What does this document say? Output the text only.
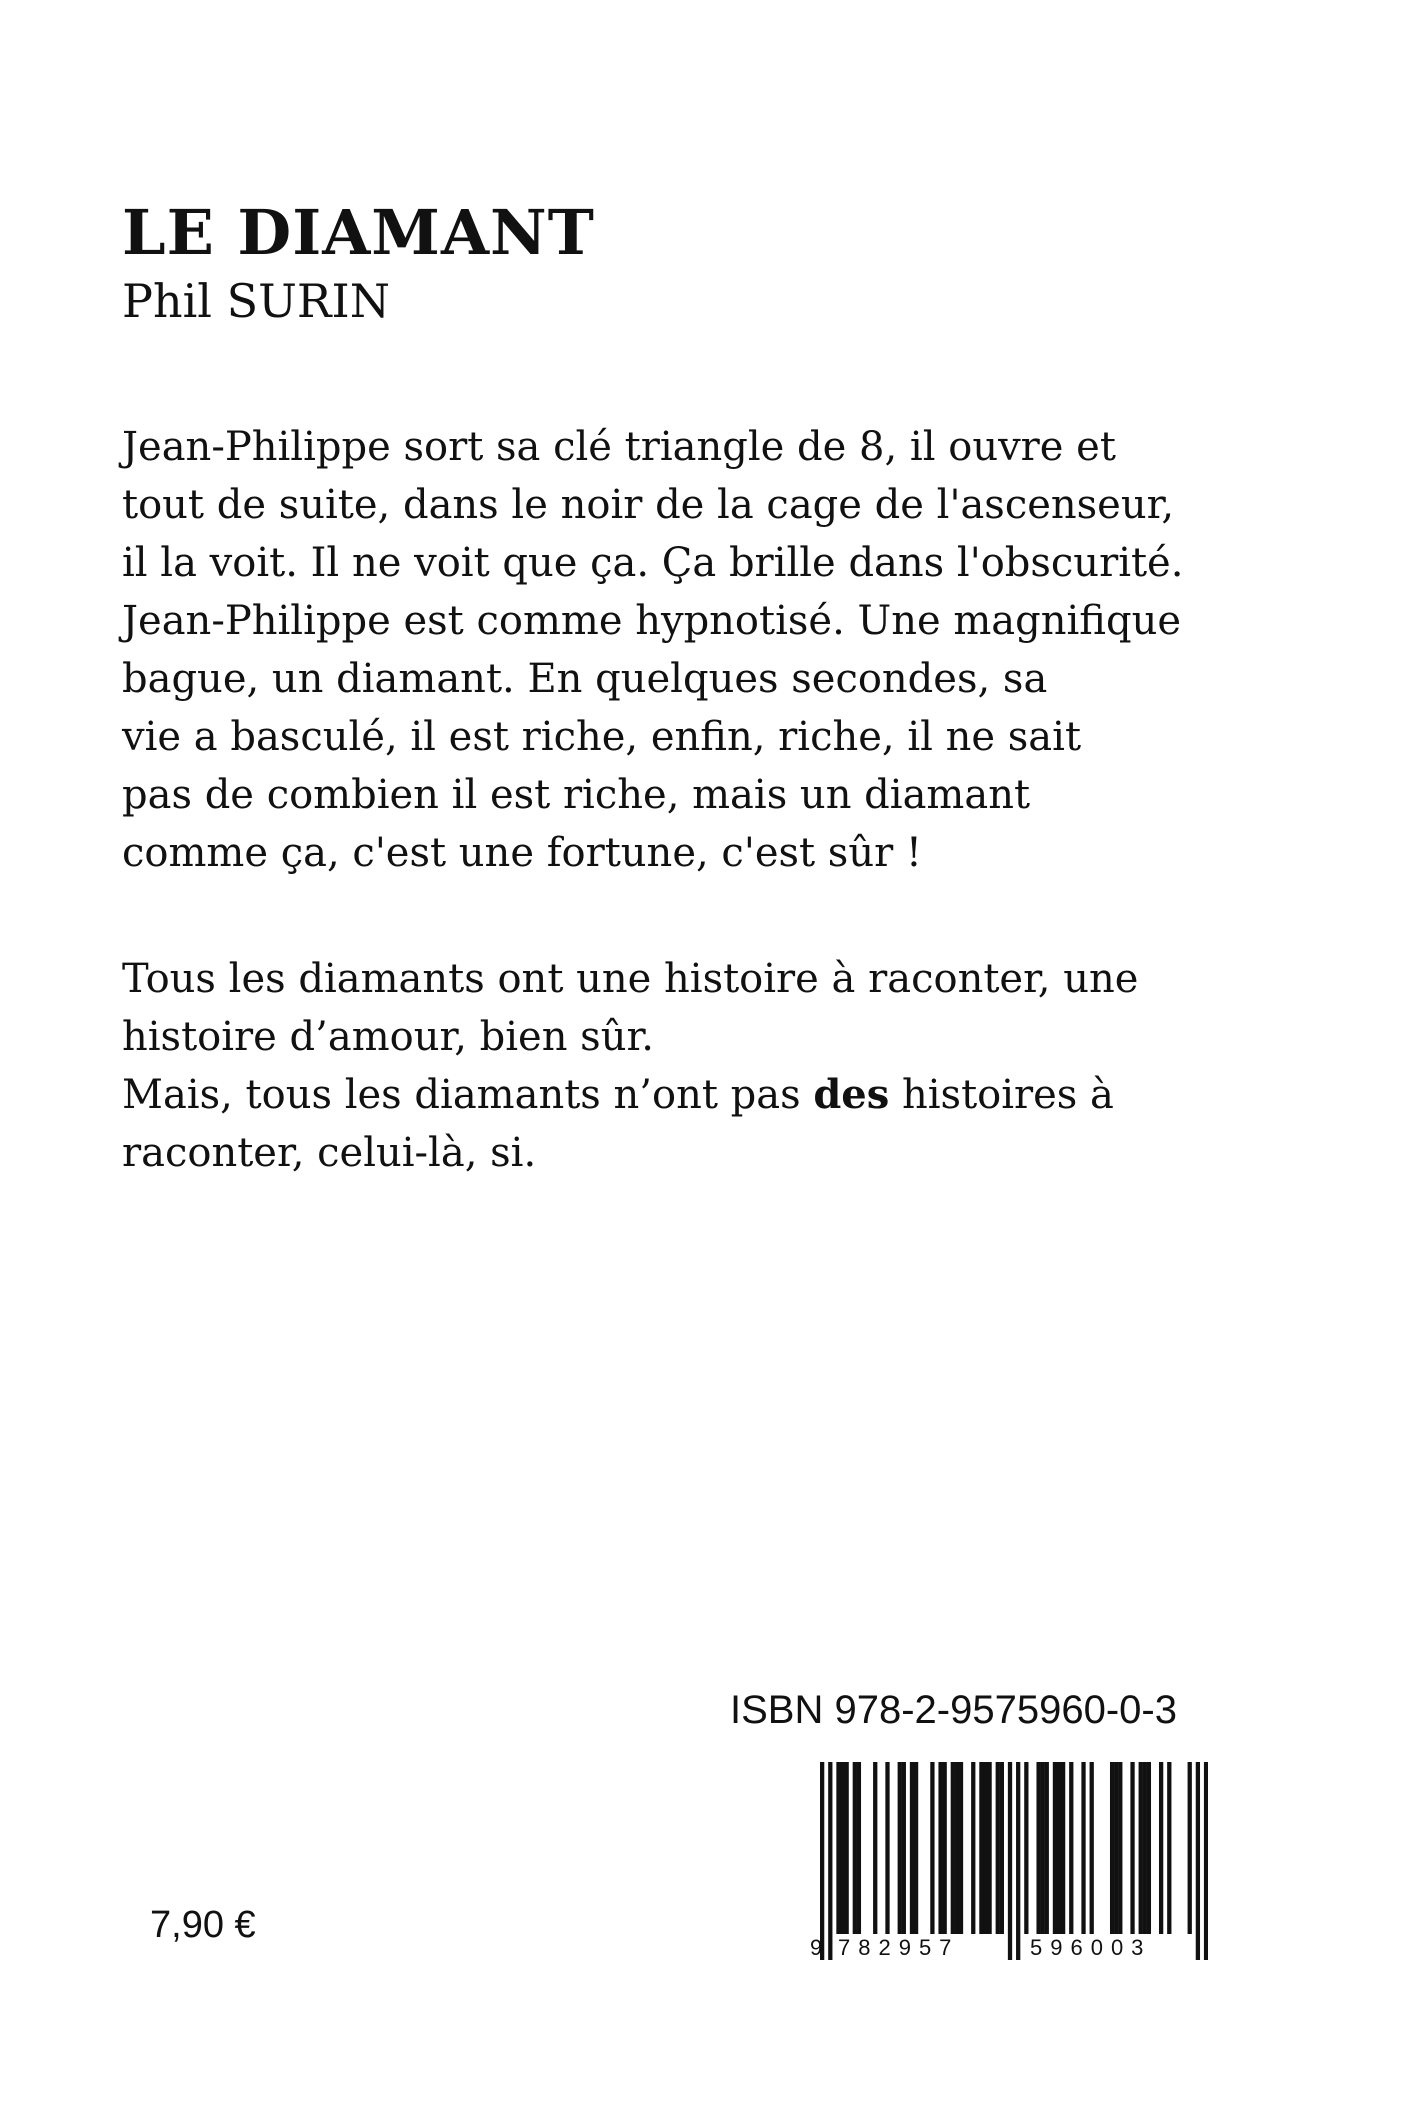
LE DIAMANT
Phil SURIN
Jean-Philippe sort sa clé triangle de 8, il ouvre et
tout de suite, dans le noir de la cage de l'ascenseur,
il la voit. Il ne voit que ça. Ça brille dans l'obscurité.
Jean-Philippe est comme hypnotisé. Une magnifique
bague, un diamant. En quelques secondes, sa
vie a basculé, il est riche, enfin, riche, il ne sait
pas de combien il est riche, mais un diamant
comme ça, c'est une fortune, c'est sûr !
Tous les diamants ont une histoire à raconter, une
histoire d’amour, bien sûr.
Mais, tous les diamants n’ont pas des histoires à
raconter, celui-là, si.
ISBN 978-2-9575960-0-3
9 782957	596003
7,90 €
